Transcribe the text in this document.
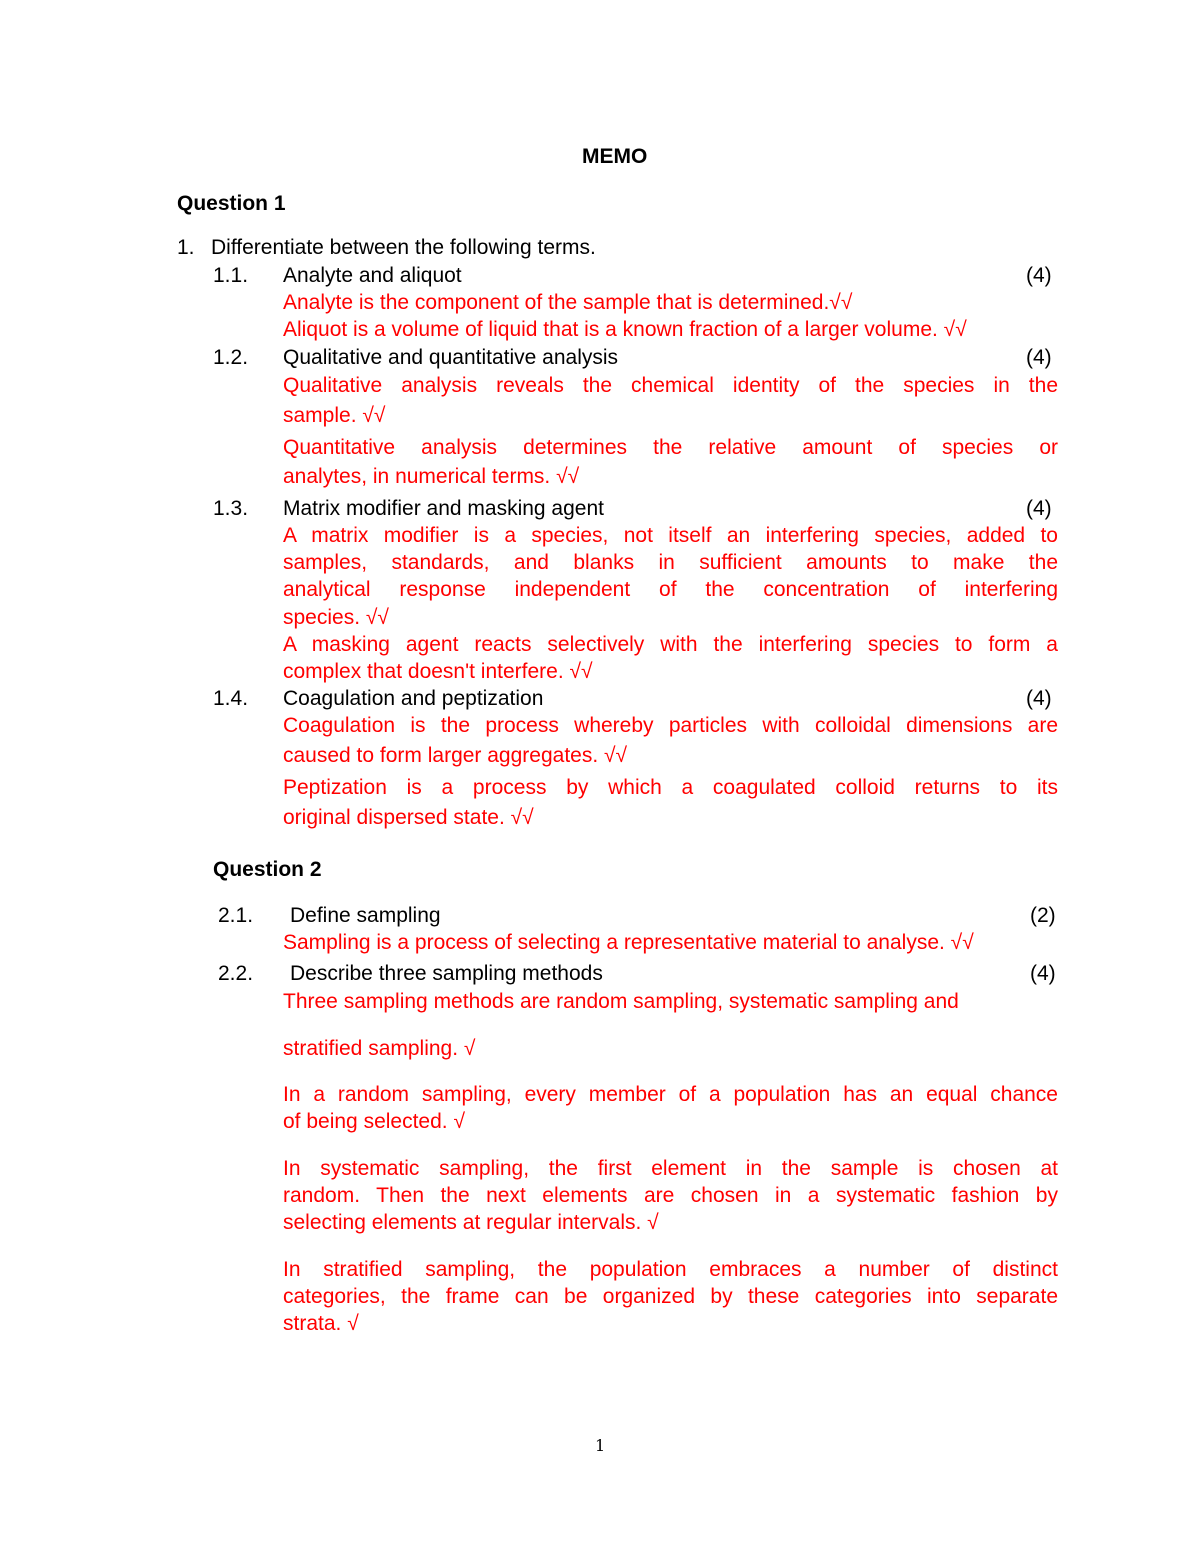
MEMO
Question 1
1. Differentiate between the following terms.
1.1. Analyte and aliquot	(4)
Analyte is the component of the sample that is determined.√√
Aliquot is a volume of liquid that is a known fraction of a larger volume. √√
1.2. Qualitative and quantitative analysis	(4)
Qualitative analysis reveals the chemical identity of the species in the
sample. √√
Quantitative analysis determines the relative amount of species or
analytes, in numerical terms. √√
1.3. Matrix modifier and masking agent	(4)
A matrix modifier is a species, not itself an interfering species, added to
samples, standards, and blanks in sufficient amounts to make the
analytical response independent of the concentration of interfering
species. √√
A masking agent reacts selectively with the interfering species to form a
complex that doesn't interfere. √√
1.4. Coagulation and peptization	(4)
Coagulation is the process whereby particles with colloidal dimensions are
caused to form larger aggregates. √√
Peptization is a process by which a coagulated colloid returns to its
original dispersed state. √√
Question 2
2.1. Define sampling	(2)
Sampling is a process of selecting a representative material to analyse. √√
2.2. Describe three sampling methods	(4)
Three sampling methods are random sampling, systematic sampling and
stratified sampling. √
In a random sampling, every member of a population has an equal chance
of being selected. √
In systematic sampling, the first element in the sample is chosen at
random. Then the next elements are chosen in a systematic fashion by
selecting elements at regular intervals. √
In stratified sampling, the population embraces a number of distinct
categories, the frame can be organized by these categories into separate
strata. √
1
